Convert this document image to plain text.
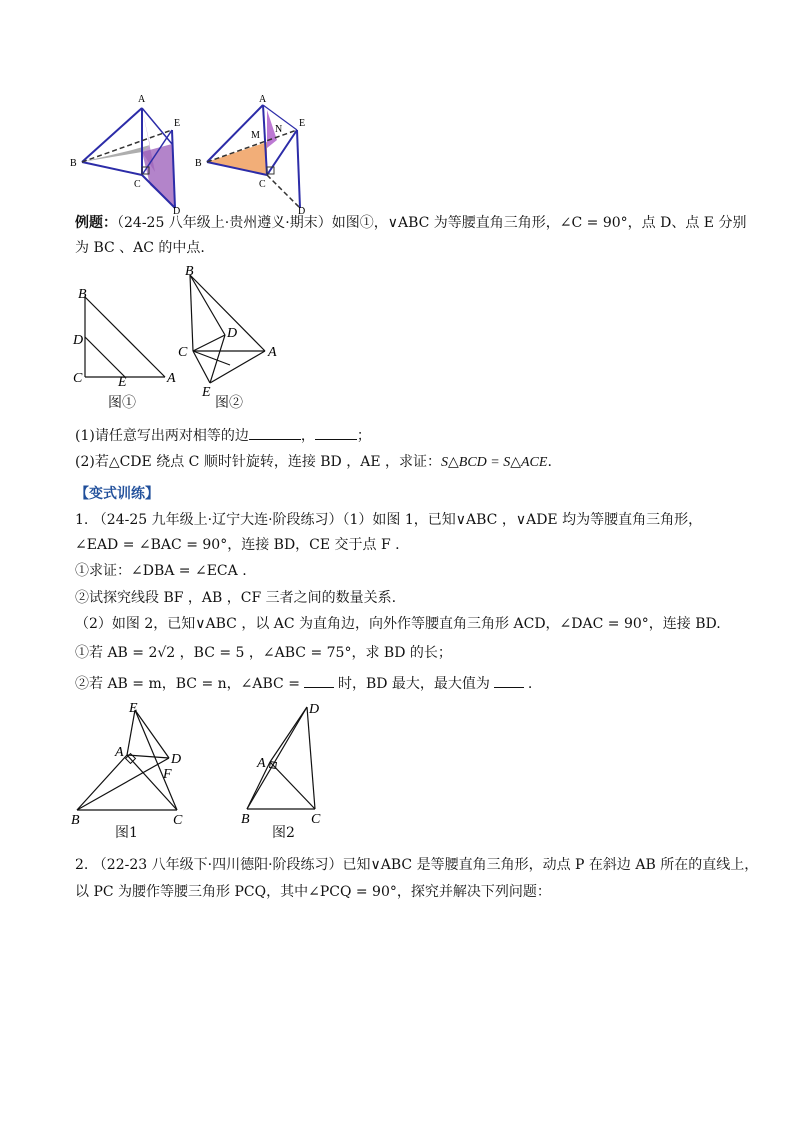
A
E
B
C
D
A
E
M
N
B
C
D
例题：（24-25 八年级上·贵州遵义·期末）如图①，∨ABC 为等腰直角三角形，∠C = 90°，点 D、点 E 分别
为 BC 、AC 的中点.
B
D
C	E	A
图①
B
D
C	A
E
图②
(1)请任意写出两对相等的边	，	；
(2)若△CDE 绕点 C 顺时针旋转，连接 BD ，AE ，求证：S△BCD = S△ACE.
【变式训练】
1. （24-25 九年级上·辽宁大连·阶段练习）（1）如图 1，已知∨ABC ，∨ADE 均为等腰直角三角形，
∠EAD = ∠BAC = 90°，连接 BD，CE 交于点 F .
①求证：∠DBA = ∠ECA .
②试探究线段 BF ，AB ，CF 三者之间的数量关系.
（2）如图 2，已知∨ABC ，以 AC 为直角边，向外作等腰直角三角形 ACD，∠DAC = 90°，连接 BD.
①若 AB = 2√2 ，BC = 5 ，∠ABC = 75°，求 BD 的长；
②若 AB = m，BC = n，∠ABC =	时，BD 最大，最大值为	.
E
A	D
F
B	C
图1
D
A
B	C
图2
2. （22-23 八年级下·四川德阳·阶段练习）已知∨ABC 是等腰直角三角形，动点 P 在斜边 AB 所在的直线上，
以 PC 为腰作等腰三角形 PCQ，其中∠PCQ = 90°，探究并解决下列问题：
